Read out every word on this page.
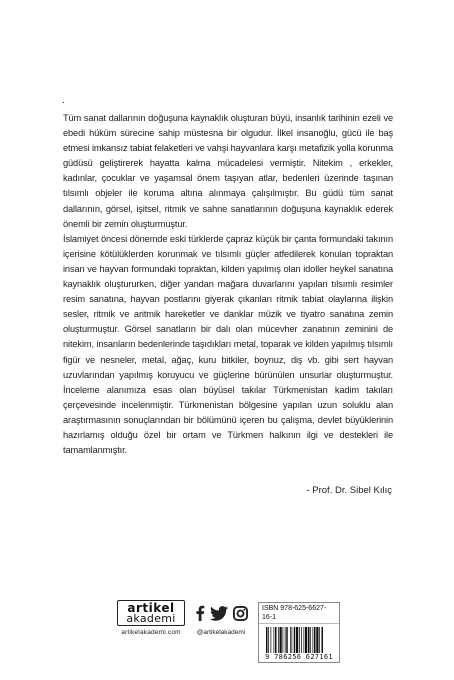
.

Tüm sanat dallarının doğuşuna kaynaklık oluşturan büyü, insanlık tarihinin ezeli ve ebedi hüküm sürecine sahip müstesna bir olgudur. İlkel insanoğlu, gücü ile baş etmesi imkansız tabiat felaketleri ve vahşi hayvanlara karşı metafizik yolla korunma güdüsü geliştirerek hayatta kalma mücadelesi vermiştir. Nitekim , erkekler, kadınlar, çocuklar ve yaşamsal önem taşıyan atlar, bedenleri üzerinde taşınan tılsımlı objeler ile koruma altına alınmaya çalışılmıştır. Bu güdü tüm sanat dallarının, görsel, işitsel, ritmik ve sahne sanatlarının doğuşuna kaynaklık ederek önemli bir zemin oluşturmuştur.

İslamiyet öncesi dönemde eski türklerde çapraz küçük bir çanta formundaki takının içerisine kötülüklerden korunmak ve tılsımlı güçler atfedilerek konulan topraktan insan ve hayvan formundaki topraktan, kilden yapılmış olan idoller heykel sanatına kaynaklık oluştururken, diğer yandan mağara duvarlarını yapılan tılsımlı resimler resim sanatına, hayvan postlarını giyerak çıkanları ritmik tabiat olaylarına ilişkin sesler, ritmik ve aritmik hareketler ve danklar müzik ve tiyatro sanatına zemin oluşturmuştur. Görsel sanatların bir dalı olan mücevher zanatının zeminini de nitekim, insanların bedenlerinde taşıdıkları metal, toparak ve kilden yapılmış tılsımlı figür ve nesneler, metal, ağaç, kuru bitkiler, boynuz, diş vb. gibi sert hayvan uzuvlarından yapılmış koruyucu ve güçlerine bürünülen unsurlar oluşturmuştur. İnceleme alanımıza esas olan büyüsel takılar Türkmenistan kadim takıları çerçevesinde incelenmiştir. Türkmenistan bölgesine yapılan uzun soluklu alan araştırmasının sonuçlarından bir bölümünü içeren bu çalışma, devlet büyüklerinin hazırlamış olduğu özel bir ortam ve Türkmen halkının ilgi ve destekleri ile tamamlanmıştır.

- Prof. Dr. Sibel Kılıç
artikel
akademi
artikelakademi.com	@artikelakademi
ISBN 978-625-6627-16-1
9 786256 627161
